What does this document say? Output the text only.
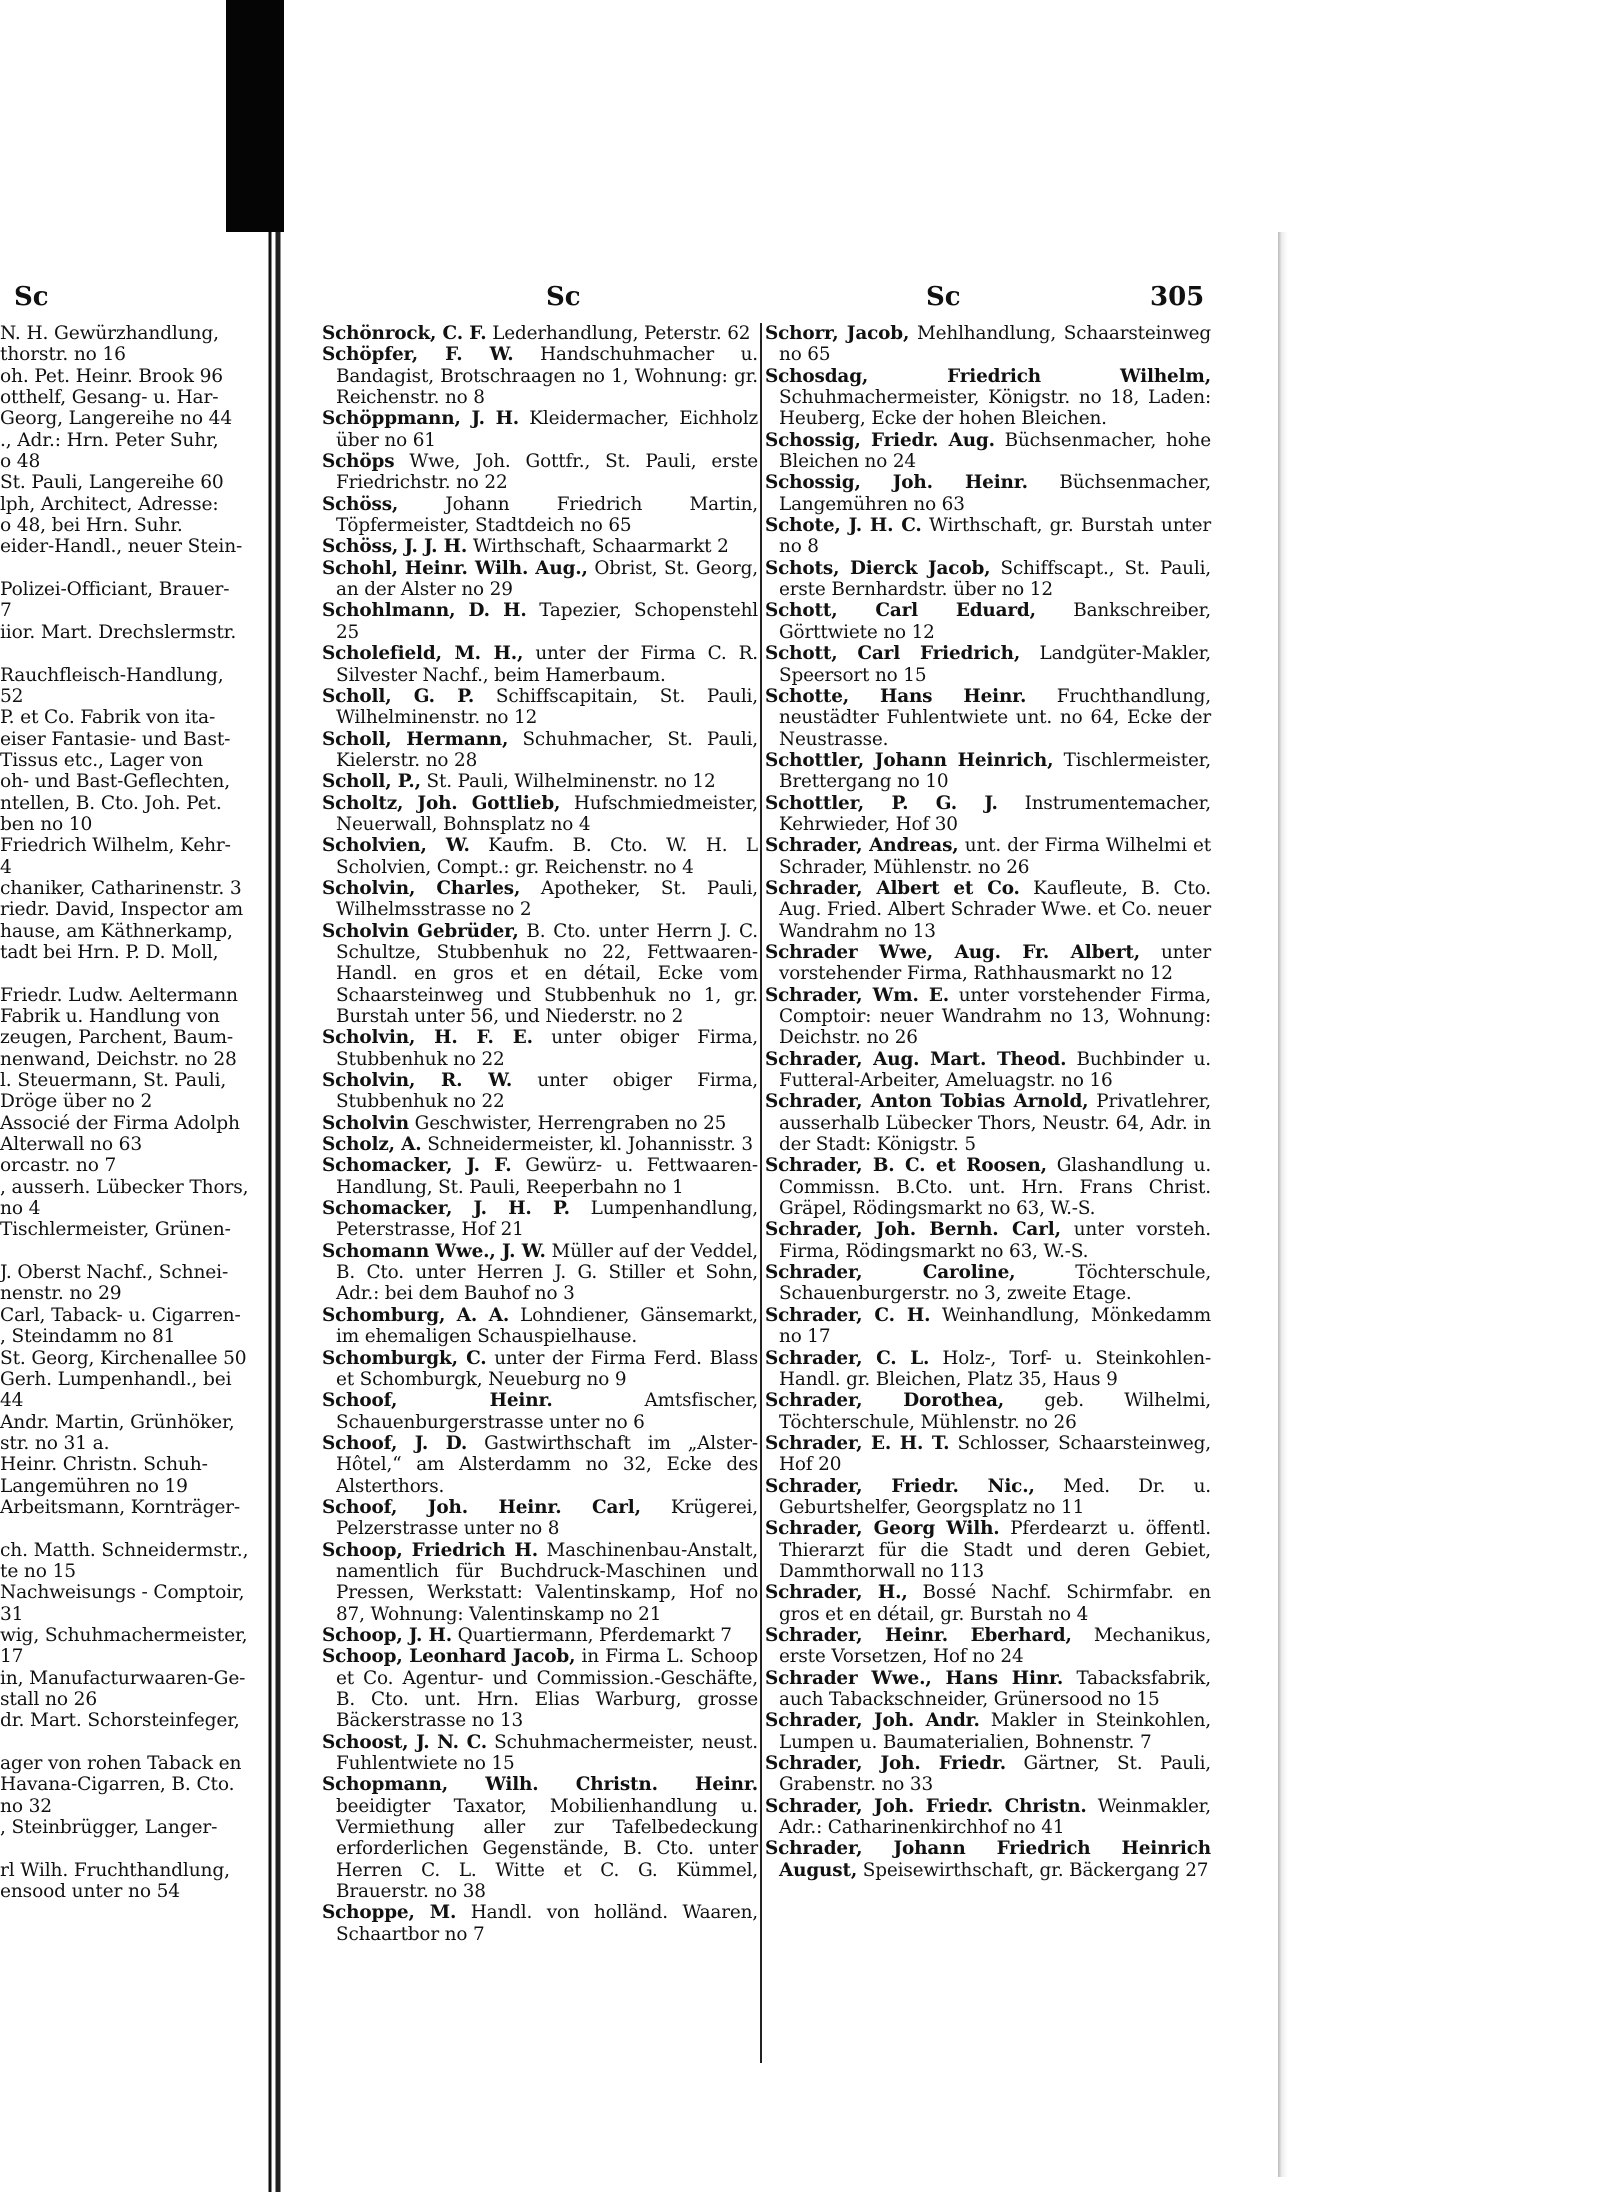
Sc	Sc	Sc	305
N. H. Gewürzhandlung,
thorstr. no 16
oh. Pet. Heinr. Brook 96
otthelf, Gesang- u. Har-
Georg, Langereihe no 44
., Adr.: Hrn. Peter Suhr,
o 48
St. Pauli, Langereihe 60
lph, Architect, Adresse:
o 48, bei Hrn. Suhr.
eider-Handl., neuer Stein-

Polizei-Officiant, Brauer-
7
iior. Mart. Drechslermstr.

Rauchfleisch-Handlung,
52
P. et Co. Fabrik von ita-
eiser Fantasie- und Bast-
Tissus etc., Lager von
oh- und Bast-Geflechten,
ntellen, B. Cto. Joh. Pet.
ben no 10
Friedrich Wilhelm, Kehr-
4
chaniker, Catharinenstr. 3
riedr. David, Inspector am
hause, am Käthnerkamp,
tadt bei Hrn. P. D. Moll,

Friedr. Ludw. Aeltermann
Fabrik u. Handlung von
zeugen, Parchent, Baum-
nenwand, Deichstr. no 28
l. Steuermann, St. Pauli,
Dröge über no 2
Associé der Firma Adolph
Alterwall no 63
orcastr. no 7
, ausserh. Lübecker Thors,
no 4
Tischlermeister, Grünen-

J. Oberst Nachf., Schnei-
nenstr. no 29
Carl, Taback- u. Cigarren-
, Steindamm no 81
St. Georg, Kirchenallee 50
Gerh. Lumpenhandl., bei
44
Andr. Martin, Grünhöker,
str. no 31 a.
Heinr. Christn. Schuh-
Langemühren no 19
Arbeitsmann, Kornträger-

ch. Matth. Schneidermstr.,
te no 15
Nachweisungs - Comptoir,
31
wig, Schuhmachermeister,
17
in, Manufacturwaaren-Ge-
stall no 26
dr. Mart. Schorsteinfeger,

ager von rohen Taback en
Havana-Cigarren, B. Cto.
no 32
, Steinbrügger, Langer-

rl Wilh. Fruchthandlung,
ensood unter no 54
Schönrock, C. F. Lederhandlung, Peterstr. 62
Schöpfer, F. W. Handschuhmacher u. Bandagist, Brotschraagen no 1, Wohnung: gr. Reichenstr. no 8
Schöppmann, J. H. Kleidermacher, Eichholz über no 61
Schöps Wwe, Joh. Gottfr., St. Pauli, erste Friedrichstr. no 22
Schöss,	Johann Friedrich Martin, Töpfermeister, Stadtdeich no 65
Schöss, J. J. H. Wirthschaft, Schaarmarkt 2
Schohl, Heinr. Wilh. Aug., Obrist, St. Georg, an der Alster no 29
Schohlmann, D. H. Tapezier, Schopenstehl 25
Scholefield, M. H., unter der Firma C. R. Silvester Nachf., beim Hamerbaum.
Scholl, G. P. Schiffscapitain, St. Pauli, Wilhelminenstr. no 12
Scholl, Hermann, Schuhmacher, St. Pauli, Kielerstr. no 28
Scholl, P., St. Pauli, Wilhelminenstr. no 12
Scholtz, Joh. Gottlieb, Hufschmiedmeister, Neuerwall, Bohnsplatz no 4
Scholvien, W. Kaufm. B. Cto. W. H. L Scholvien, Compt.: gr. Reichenstr. no 4
Scholvin, Charles, Apotheker, St. Pauli, Wilhelmsstrasse no 2
Scholvin Gebrüder, B. Cto. unter Herrn J. C. Schultze, Stubbenhuk no 22, Fettwaaren-Handl. en gros et en détail, Ecke vom Schaarsteinweg und Stubbenhuk no 1, gr. Burstah unter 56, und Niederstr. no 2
Scholvin, H. F. E. unter obiger Firma, Stubbenhuk no 22
Scholvin, R. W. unter obiger Firma, Stubbenhuk no 22
Scholvin Geschwister, Herrengraben no 25
Scholz, A. Schneidermeister, kl. Johannisstr. 3
Schomacker, J. F. Gewürz- u. Fettwaaren-Handlung, St. Pauli, Reeperbahn no 1
Schomacker, J. H. P. Lumpenhandlung, Peterstrasse, Hof 21
Schomann Wwe., J. W. Müller auf der Veddel, B. Cto. unter Herren J. G. Stiller et Sohn, Adr.: bei dem Bauhof no 3
Schomburg, A. A. Lohndiener, Gänsemarkt, im ehemaligen Schauspielhause.
Schomburgk, C. unter der Firma Ferd. Blass et Schomburgk, Neueburg no 9
Schoof, Heinr.	Amtsfischer, Schauenburgerstrasse unter no 6
Schoof, J. D. Gastwirthschaft im „Alster-Hôtel,“ am Alsterdamm no 32, Ecke des Alsterthors.
Schoof, Joh. Heinr. Carl, Krügerei, Pelzerstrasse unter no 8
Schoop, Friedrich H. Maschinenbau-Anstalt, namentlich für Buchdruck-Maschinen und Pressen, Werkstatt: Valentinskamp, Hof no 87, Wohnung: Valentinskamp no 21
Schoop, J. H. Quartiermann, Pferdemarkt 7
Schoop, Leonhard Jacob, in Firma L. Schoop et Co. Agentur- und Commission.-Geschäfte, B. Cto. unt. Hrn. Elias Warburg, grosse Bäckerstrasse no 13
Schoost, J. N. C. Schuhmachermeister, neust. Fuhlentwiete no 15
Schopmann, Wilh. Christn. Heinr. beeidigter Taxator, Mobilienhandlung u. Vermiethung aller zur Tafelbedeckung erforderlichen Gegenstände, B. Cto. unter Herren C. L. Witte et C. G. Kümmel, Brauerstr. no 38
Schoppe, M. Handl. von holländ. Waaren, Schaartbor no 7
Schorr, Jacob, Mehlhandlung, Schaarsteinweg no 65
Schosdag, Friedrich Wilhelm, Schuhmachermeister, Königstr. no 18, Laden: Heuberg, Ecke der hohen Bleichen.
Schossig, Friedr. Aug. Büchsenmacher, hohe Bleichen no 24
Schossig, Joh. Heinr. Büchsenmacher, Langemühren no 63
Schote, J. H. C. Wirthschaft, gr. Burstah unter no 8
Schots, Dierck Jacob, Schiffscapt., St. Pauli, erste Bernhardstr. über no 12
Schott, Carl Eduard, Bankschreiber, Görttwiete no 12
Schott, Carl Friedrich, Landgüter-Makler, Speersort no 15
Schotte, Hans Heinr. Fruchthandlung, neustädter Fuhlentwiete unt. no 64, Ecke der Neustrasse.
Schottler, Johann Heinrich, Tischlermeister, Brettergang no 10
Schottler, P. G. J. Instrumentemacher, Kehrwieder, Hof 30
Schrader, Andreas, unt. der Firma Wilhelmi et Schrader, Mühlenstr. no 26
Schrader, Albert et Co. Kaufleute, B. Cto. Aug. Fried. Albert Schrader Wwe. et Co. neuer Wandrahm no 13
Schrader Wwe, Aug. Fr. Albert, unter vorstehender Firma, Rathhausmarkt no 12
Schrader, Wm. E. unter vorstehender Firma, Comptoir: neuer Wandrahm no 13, Wohnung: Deichstr. no 26
Schrader, Aug. Mart. Theod. Buchbinder u. Futteral-Arbeiter, Ameluagstr. no 16
Schrader, Anton Tobias Arnold, Privatlehrer, ausserhalb Lübecker Thors, Neustr. 64, Adr. in der Stadt: Königstr. 5
Schrader, B. C. et Roosen, Glashandlung u. Commissn. B.Cto. unt. Hrn. Frans Christ. Gräpel, Rödingsmarkt no 63, W.-S.
Schrader, Joh. Bernh. Carl, unter vorsteh. Firma, Rödingsmarkt no 63, W.-S.
Schrader, Caroline,	Töchterschule, Schauenburgerstr. no 3, zweite Etage.
Schrader, C. H. Weinhandlung, Mönkedamm no 17
Schrader, C. L. Holz-, Torf- u. Steinkohlen-Handl. gr. Bleichen, Platz 35, Haus 9
Schrader, Dorothea, geb. Wilhelmi, Töchterschule, Mühlenstr. no 26
Schrader, E. H. T. Schlosser, Schaarsteinweg, Hof 20
Schrader, Friedr. Nic., Med. Dr. u. Geburtshelfer, Georgsplatz no 11
Schrader, Georg Wilh. Pferdearzt u. öffentl. Thierarzt für die Stadt und deren Gebiet, Dammthorwall no 113
Schrader, H., Bossé Nachf. Schirmfabr. en gros et en détail, gr. Burstah no 4
Schrader, Heinr. Eberhard, Mechanikus, erste Vorsetzen, Hof no 24
Schrader Wwe., Hans Hinr. Tabacksfabrik, auch Tabackschneider, Grünersood no 15
Schrader, Joh. Andr. Makler in Steinkohlen, Lumpen u. Baumaterialien, Bohnenstr. 7
Schrader, Joh. Friedr. Gärtner, St. Pauli, Grabenstr. no 33
Schrader, Joh. Friedr. Christn. Weinmakler, Adr.: Catharinenkirchhof no 41
Schrader, Johann Friedrich Heinrich August, Speisewirthschaft, gr. Bäckergang 27
